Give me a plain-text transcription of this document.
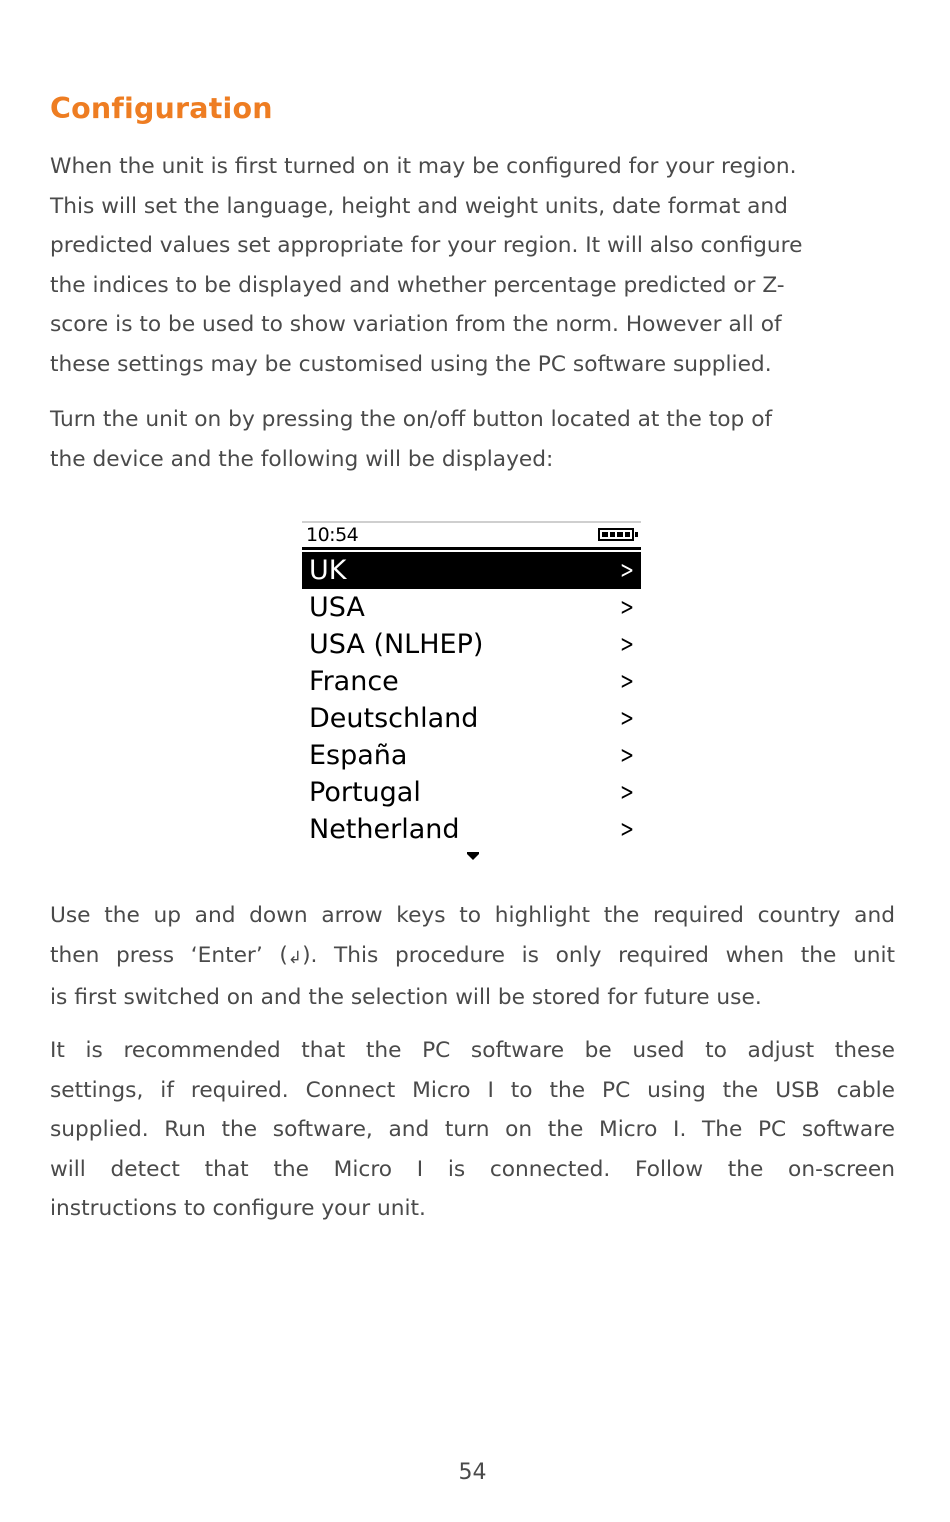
Configuration

When the unit is first turned on it may be configured for your region.
This will set the language, height and weight units, date format and
predicted values set appropriate for your region. It will also configure
the indices to be displayed and whether percentage predicted or Z-
score is to be used to show variation from the norm. However all of
these settings may be customised using the PC software supplied.

Turn the unit on by pressing the on/off button located at the top of
the device and the following will be displayed:

10:54
UK	>
USA	>
USA (NLHEP)	>
France	>
Deutschland	>
España	>
Portugal	>
Netherland	>

Use the up and down arrow keys to highlight the required country and
then press ‘Enter’ (↲). This procedure is only required when the unit
is first switched on and the selection will be stored for future use.

It is recommended that the PC software be used to adjust these
settings, if required. Connect Micro I to the PC using the USB cable
supplied. Run the software, and turn on the Micro I. The PC software
will detect that the Micro I is connected. Follow the on-screen
instructions to configure your unit.

54
